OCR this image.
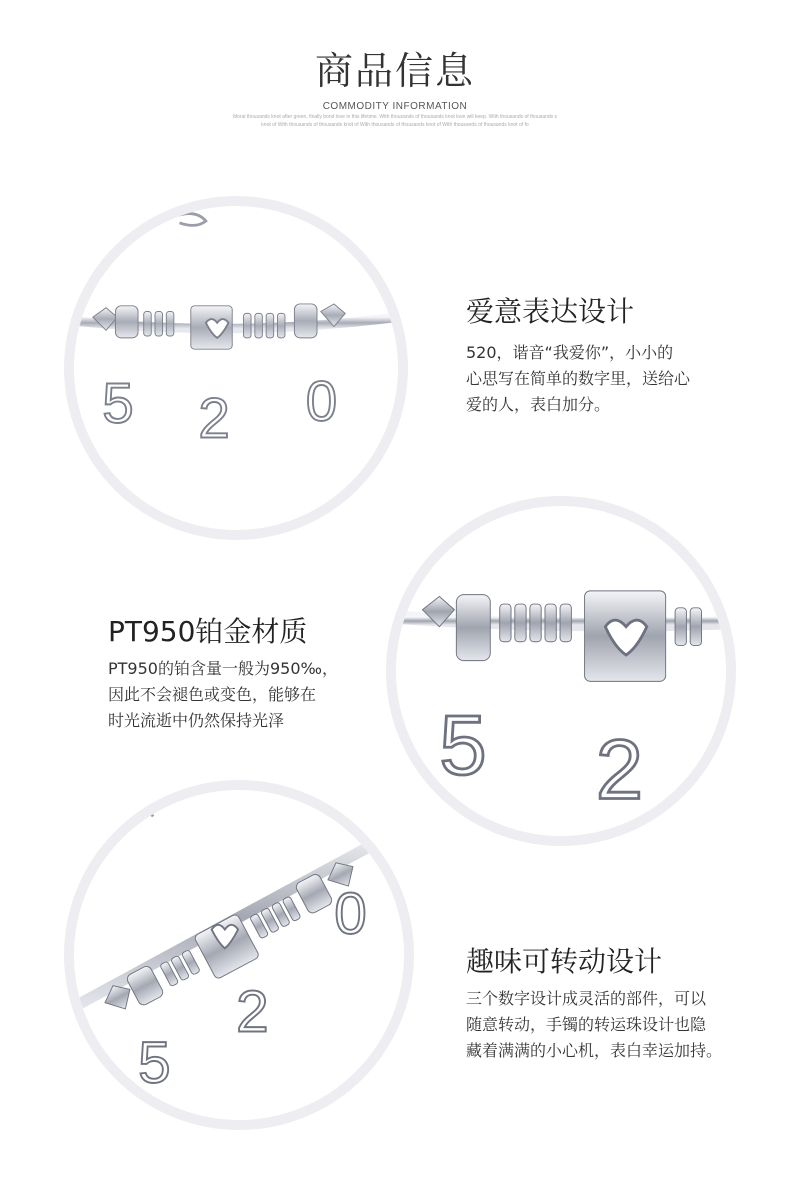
商品信息
COMMODITY INFORMATION
Moral thousands knot after green, finally bond love in this lifetime. With thousands of thousands knot love will keep. With thousands of thousands s
knot of With thousands of thousands knot of With thousands of thousands knot of With thousands of thousands knot of fo
5 2 0
爱意表达设计
520，谐音“我爱你”，小小的
心思写在简单的数字里，送给心
爱的人，表白加分。
5 2
PT950铂金材质
PT950的铂含量一般为950‰，
因此不会褪色或变色，能够在
时光流逝中仍然保持光泽
5
2
0
趣味可转动设计
三个数字设计成灵活的部件，可以
随意转动，手镯的转运珠设计也隐
藏着满满的小心机，表白幸运加持。
